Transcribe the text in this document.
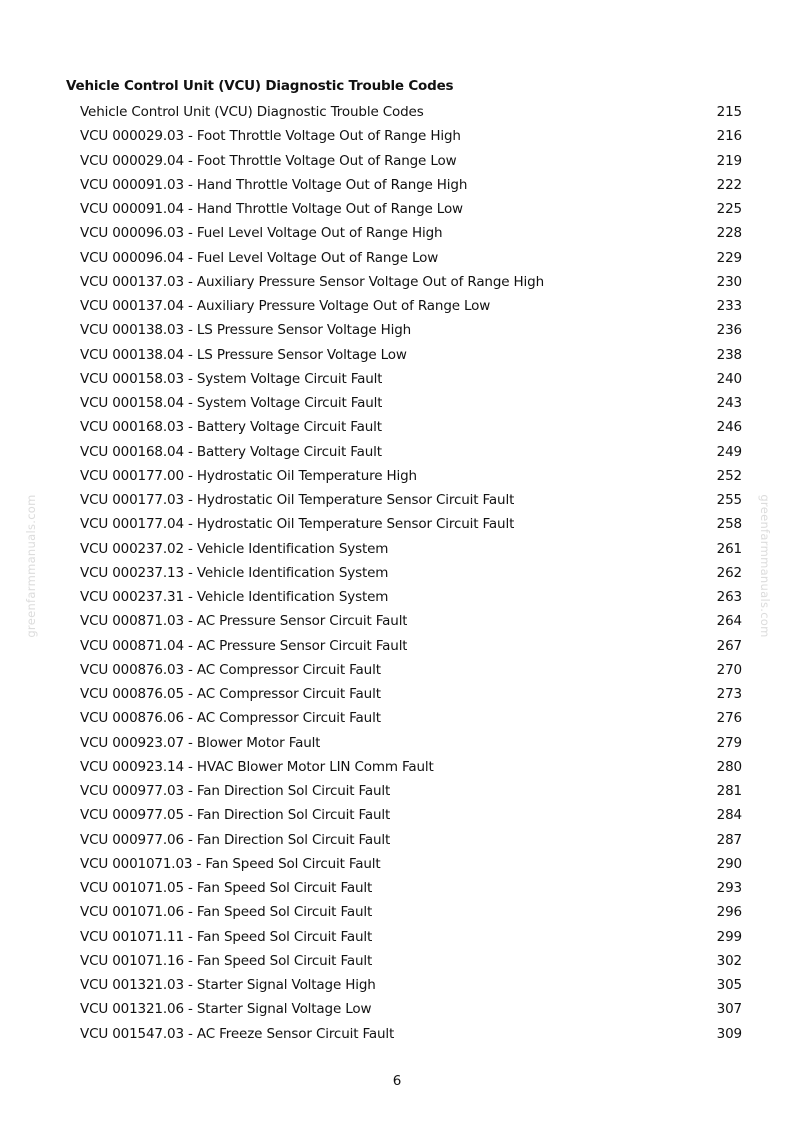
greenfarmmanuals.com	greenfarmmanuals.com
Vehicle Control Unit (VCU) Diagnostic Trouble Codes
Vehicle Control Unit (VCU) Diagnostic Trouble Codes	215
VCU 000029.03 - Foot Throttle Voltage Out of Range High	216
VCU 000029.04 - Foot Throttle Voltage Out of Range Low	219
VCU 000091.03 - Hand Throttle Voltage Out of Range High	222
VCU 000091.04 - Hand Throttle Voltage Out of Range Low	225
VCU 000096.03 - Fuel Level Voltage Out of Range High	228
VCU 000096.04 - Fuel Level Voltage Out of Range Low	229
VCU 000137.03 - Auxiliary Pressure Sensor Voltage Out of Range High	230
VCU 000137.04 - Auxiliary Pressure Voltage Out of Range Low	233
VCU 000138.03 - LS Pressure Sensor Voltage High	236
VCU 000138.04 - LS Pressure Sensor Voltage Low	238
VCU 000158.03 - System Voltage Circuit Fault	240
VCU 000158.04 - System Voltage Circuit Fault	243
VCU 000168.03 - Battery Voltage Circuit Fault	246
VCU 000168.04 - Battery Voltage Circuit Fault	249
VCU 000177.00 - Hydrostatic Oil Temperature High	252
VCU 000177.03 - Hydrostatic Oil Temperature Sensor Circuit Fault	255
VCU 000177.04 - Hydrostatic Oil Temperature Sensor Circuit Fault	258
VCU 000237.02 - Vehicle Identification System	261
VCU 000237.13 - Vehicle Identification System	262
VCU 000237.31 - Vehicle Identification System	263
VCU 000871.03 - AC Pressure Sensor Circuit Fault	264
VCU 000871.04 - AC Pressure Sensor Circuit Fault	267
VCU 000876.03 - AC Compressor Circuit Fault	270
VCU 000876.05 - AC Compressor Circuit Fault	273
VCU 000876.06 - AC Compressor Circuit Fault	276
VCU 000923.07 - Blower Motor Fault	279
VCU 000923.14 - HVAC Blower Motor LIN Comm Fault	280
VCU 000977.03 - Fan Direction Sol Circuit Fault	281
VCU 000977.05 - Fan Direction Sol Circuit Fault	284
VCU 000977.06 - Fan Direction Sol Circuit Fault	287
VCU 0001071.03 - Fan Speed Sol Circuit Fault	290
VCU 001071.05 - Fan Speed Sol Circuit Fault	293
VCU 001071.06 - Fan Speed Sol Circuit Fault	296
VCU 001071.11 - Fan Speed Sol Circuit Fault	299
VCU 001071.16 - Fan Speed Sol Circuit Fault	302
VCU 001321.03 - Starter Signal Voltage High	305
VCU 001321.06 - Starter Signal Voltage Low	307
VCU 001547.03 - AC Freeze Sensor Circuit Fault	309
6
